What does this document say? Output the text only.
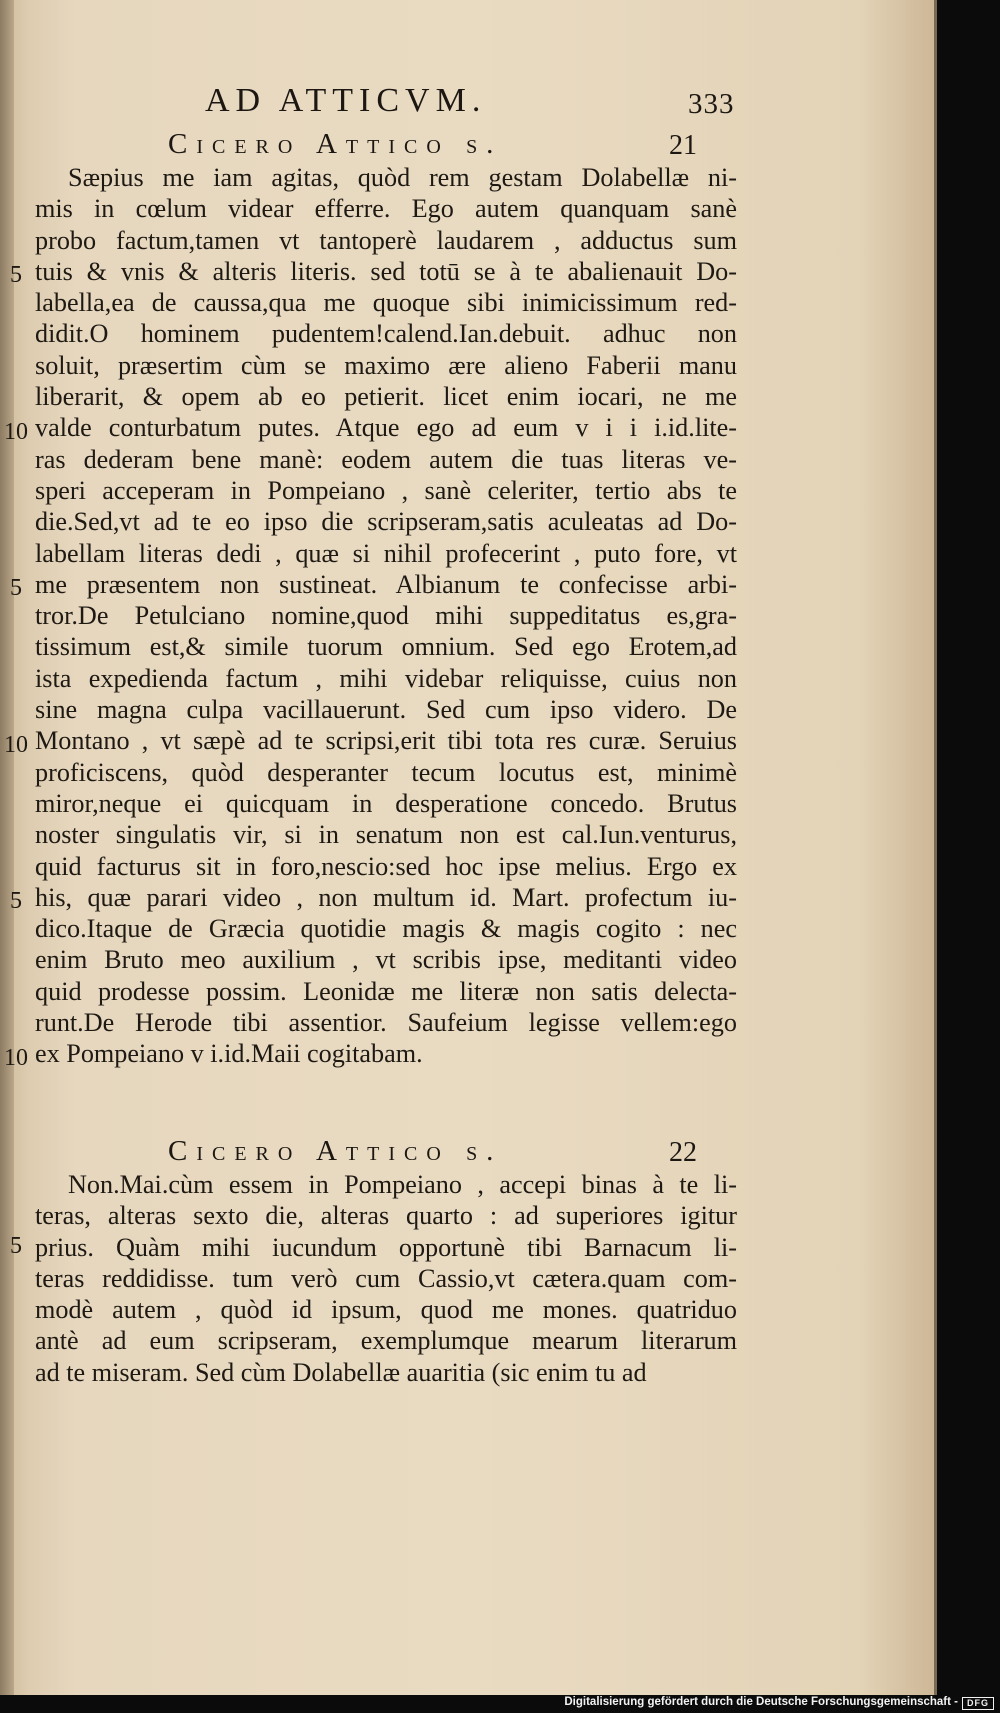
AD ATTICVM.	333
Cicero Attico s.	21
Sæpius me iam agitas, quòd rem gestam Dolabellæ ni-
mis in cœlum videar efferre. Ego autem quanquam sanè
probo factum,tamen vt tantoperè laudarem , adductus sum
tuis & vnis & alteris literis. sed totū se à te abalienauit Do-
labella,ea de caussa,qua me quoque sibi inimicissimum red-
didit.O hominem pudentem!calend.Ian.debuit. adhuc non
soluit, præsertim cùm se maximo ære alieno Faberii manu
liberarit, & opem ab eo petierit. licet enim iocari, ne me
valde conturbatum putes. Atque ego ad eum v i i i.id.lite-
ras dederam bene manè: eodem autem die tuas literas ve-
speri acceperam in Pompeiano , sanè celeriter, tertio abs te
die.Sed,vt ad te eo ipso die scripseram,satis aculeatas ad Do-
labellam literas dedi , quæ si nihil profecerint , puto fore, vt
me præsentem non sustineat. Albianum te confecisse arbi-
tror.De Petulciano nomine,quod mihi suppeditatus es,gra-
tissimum est,& simile tuorum omnium. Sed ego Erotem,ad
ista expedienda factum , mihi videbar reliquisse, cuius non
sine magna culpa vacillauerunt. Sed cum ipso videro. De
Montano , vt sæpè ad te scripsi,erit tibi tota res curæ. Seruius
proficiscens, quòd desperanter tecum locutus est, minimè
miror,neque ei quicquam in desperatione concedo. Brutus
noster singulatis vir, si in senatum non est cal.Iun.venturus,
quid facturus sit in foro,nescio:sed hoc ipse melius. Ergo ex
his, quæ parari video , non multum id. Mart. profectum iu-
dico.Itaque de Græcia quotidie magis & magis cogito : nec
enim Bruto meo auxilium , vt scribis ipse, meditanti video
quid prodesse possim. Leonidæ me literæ non satis delecta-
runt.De Herode tibi assentior. Saufeium legisse vellem:ego
ex Pompeiano v i.id.Maii cogitabam.
5
10
5
10
5
10
Cicero Attico s.	22
Non.Mai.cùm essem in Pompeiano , accepi binas à te li-
teras, alteras sexto die, alteras quarto : ad superiores igitur
prius. Quàm mihi iucundum opportunè tibi Barnacum li-
teras reddidisse. tum verò cum Cassio,vt cætera.quam com-
modè autem , quòd id ipsum, quod me mones. quatriduo
antè ad eum scripseram, exemplumque mearum literarum
ad te miseram. Sed cùm Dolabellæ auaritia (sic enim tu ad
5
Digitalisierung gefördert durch die Deutsche Forschungsgemeinschaft -	DFG
